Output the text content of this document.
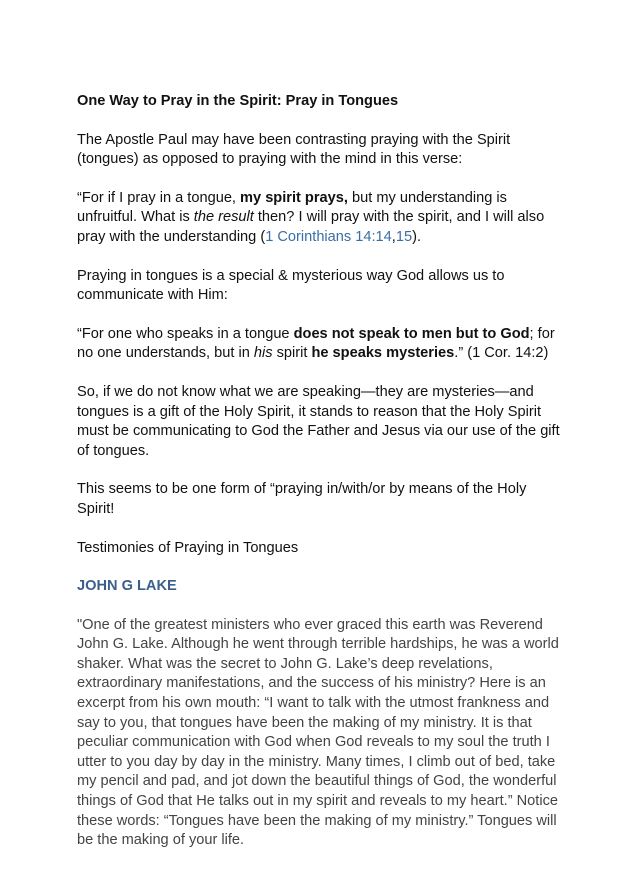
One Way to Pray in the Spirit: Pray in Tongues

The Apostle Paul may have been contrasting praying with the Spirit (tongues) as opposed to praying with the mind in this verse:

“For if I pray in a tongue, my spirit prays, but my understanding is unfruitful. What is the result then? I will pray with the spirit, and I will also pray with the understanding (1 Corinthians 14:14,15).

Praying in tongues is a special & mysterious way God allows us to communicate with Him:

“For one who speaks in a tongue does not speak to men but to God; for no one understands, but in his spirit he speaks mysteries.” (1 Cor. 14:2)

So, if we do not know what we are speaking—they are mysteries—and tongues is a gift of the Holy Spirit, it stands to reason that the Holy Spirit must be communicating to God the Father and Jesus via our use of the gift of tongues.

This seems to be one form of “praying in/with/or by means of the Holy Spirit!

Testimonies of Praying in Tongues

JOHN G LAKE

"One of the greatest ministers who ever graced this earth was Reverend John G. Lake. Although he went through terrible hardships, he was a world shaker. What was the secret to John G. Lake’s deep revelations, extraordinary manifestations, and the success of his ministry? Here is an excerpt from his own mouth: “I want to talk with the utmost frankness and say to you, that tongues have been the making of my ministry. It is that peculiar communication with God when God reveals to my soul the truth I utter to you day by day in the ministry. Many times, I climb out of bed, take my pencil and pad, and jot down the beautiful things of God, the wonderful things of God that He talks out in my spirit and reveals to my heart.” Notice these words: “Tongues have been the making of my ministry.” Tongues will be the making of your life.
